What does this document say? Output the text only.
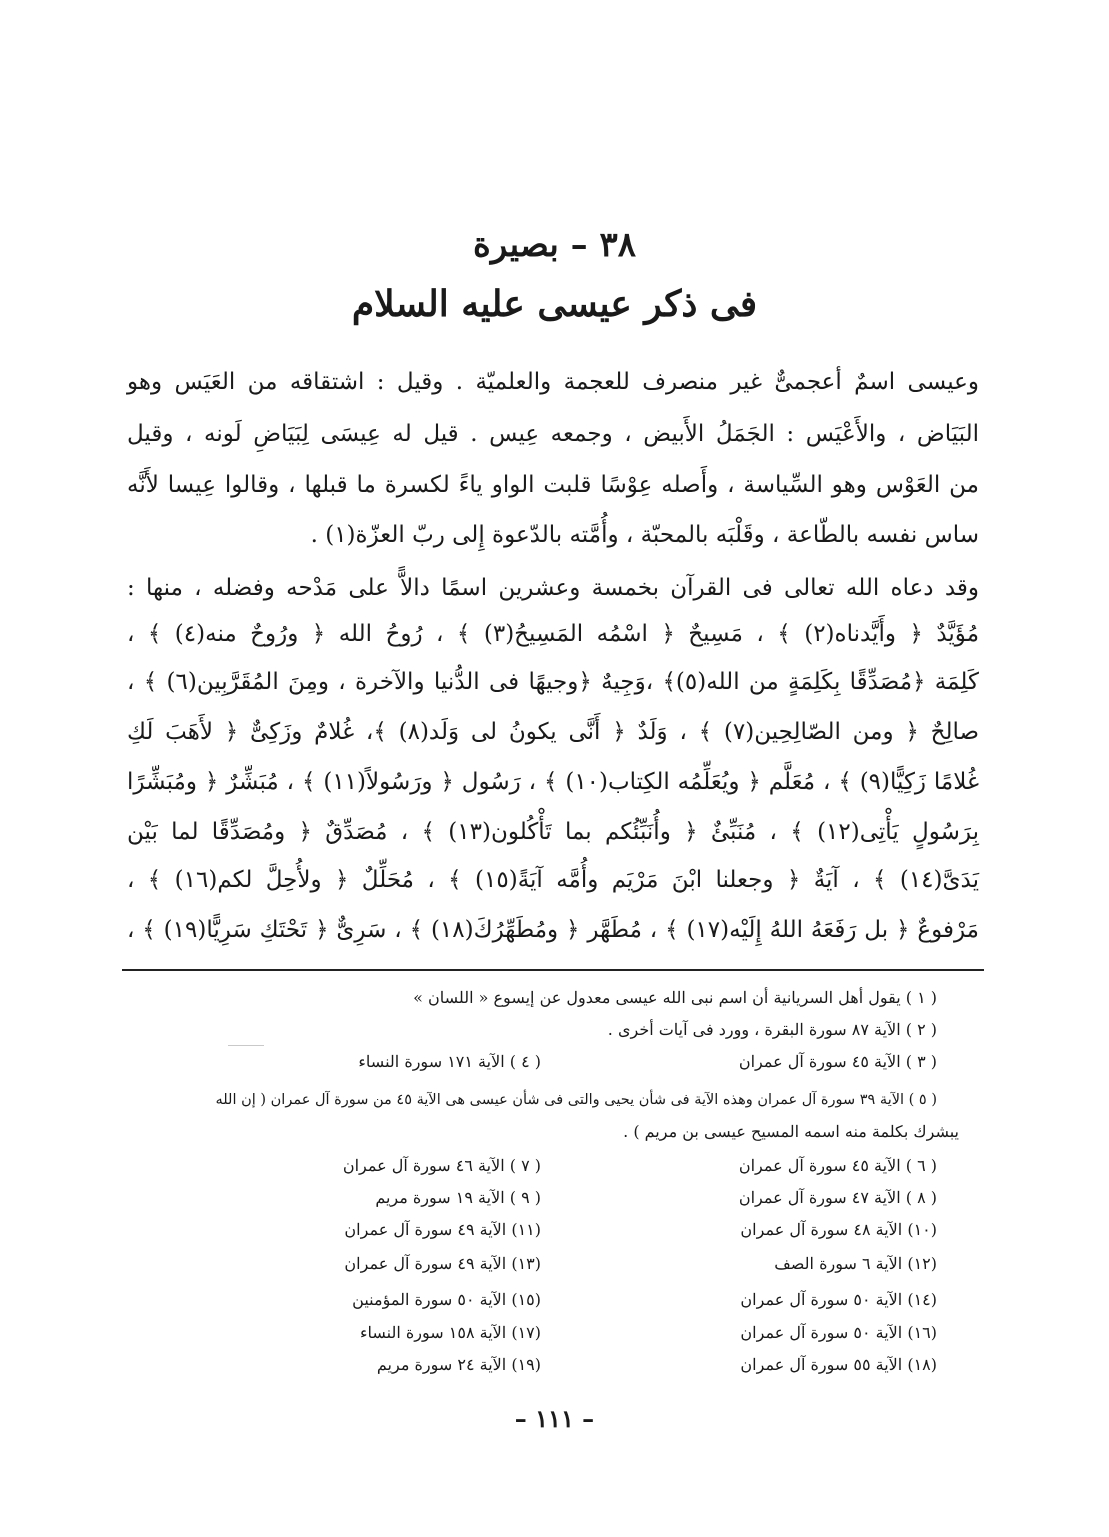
٣٨ – بصيرة
فى ذكر عيسى عليه السلام
وعيسى اسمٌ أعجمىٌّ غير منصرف للعجمة والعلميّة . وقيل : اشتقاقه من العَيَس وهو
البَيَاض ، والأَعْيَس : الجَمَلُ الأَبيض ، وجمعه عِيس . قيل له عِيسَى لِبَيَاضِ لَونه ، وقيل
من العَوْس وهو السِّياسة ، وأَصله عِوْسًا قلبت الواو ياءً لكسرة ما قبلها ، وقالوا عِيسا لأَنَّه
ساس نفسه بالطّاعة ، وقَلْبَه بالمحبّة ، وأُمَّته بالدّعوة إِلى ربّ العزّة(١) .
وقد دعاه الله تعالى فى القرآن بخمسة وعشرين اسمًا دالاًّ على مَدْحه وفضله ، منها :
مُؤَيَّدٌ ﴿ وأَيَّدناه(٢) ﴾ ، مَسِيحٌ ﴿ اسْمُه المَسِيحُ(٣) ﴾ ، رُوحُ الله ﴿ ورُوحٌ منه(٤) ﴾ ،
كَلِمَة ﴿مُصَدِّقًا بِكَلِمَةٍ من الله(٥)﴾ ،وَجِيهٌ ﴿وجيهًا فى الدُّنيا والآخرة ، ومِنَ المُقَرَّبِين(٦) ﴾ ،
صالِحٌ ﴿ ومن الصّالِحِين(٧) ﴾ ، وَلَدٌ ﴿ أَنَّى يكونُ لى وَلَد(٨) ﴾، غُلامٌ وزَكِىٌّ ﴿ لأَهَبَ لَكِ
غُلامًا زَكِيًّا(٩) ﴾ ، مُعَلَّم ﴿ ويُعَلِّمُه الكِتاب(١٠) ﴾ ، رَسُول ﴿ ورَسُولاً(١١) ﴾ ، مُبَشِّرٌ ﴿ ومُبَشِّرًا
بِرَسُولٍ يَأْتِى(١٢) ﴾ ، مُنَبِّئٌ ﴿ وأُنَبِّئُكم بما تَأْكُلون(١٣) ﴾ ، مُصَدِّقٌ ﴿ ومُصَدِّقًا لما بَيْن
يَدَىَّ(١٤) ﴾ ، آيَةٌ ﴿ وجعلنا ابْنَ مَرْيَم وأُمَّه آيَةً(١٥) ﴾ ، مُحَلِّلٌ ﴿ ولأُحِلَّ لكم(١٦) ﴾ ،
مَرْفوعٌ ﴿ بل رَفَعَهُ اللهُ إِلَيْه(١٧) ﴾ ، مُطَهَّر ﴿ ومُطَهِّرُكَ(١٨) ﴾ ، سَرِىٌّ ﴿ تَحْتَكِ سَرِيًّا(١٩) ﴾ ،
( ١ ) يقول أهل السريانية أن اسم نبى الله عيسى معدول عن إيسوع « اللسان »
( ٢ ) الآية ٨٧ سورة البقرة ، وورد فى آيات أخرى .
( ٣ ) الآية ٤٥ سورة آل عمران
( ٤ ) الآية ١٧١ سورة النساء
( ٥ ) الآية ٣٩ سورة آل عمران وهذه الآية فى شأن يحيى والتى فى شأن عيسى هى الآية ٤٥ من سورة آل عمران ( إن الله
يبشرك بكلمة منه اسمه المسيح عيسى بن مريم ) .
( ٦ ) الآية ٤٥ سورة آل عمران
( ٧ ) الآية ٤٦ سورة آل عمران
( ٨ ) الآية ٤٧ سورة آل عمران
( ٩ ) الآية ١٩ سورة مريم
(١٠) الآية ٤٨ سورة آل عمران
(١١) الآية ٤٩ سورة آل عمران
(١٢) الآية ٦ سورة الصف
(١٣) الآية ٤٩ سورة آل عمران
(١٤) الآية ٥٠ سورة آل عمران
(١٥) الآية ٥٠ سورة المؤمنين
(١٦) الآية ٥٠ سورة آل عمران
(١٧) الآية ١٥٨ سورة النساء
(١٨) الآية ٥٥ سورة آل عمران
(١٩) الآية ٢٤ سورة مريم
– ١١١ –
